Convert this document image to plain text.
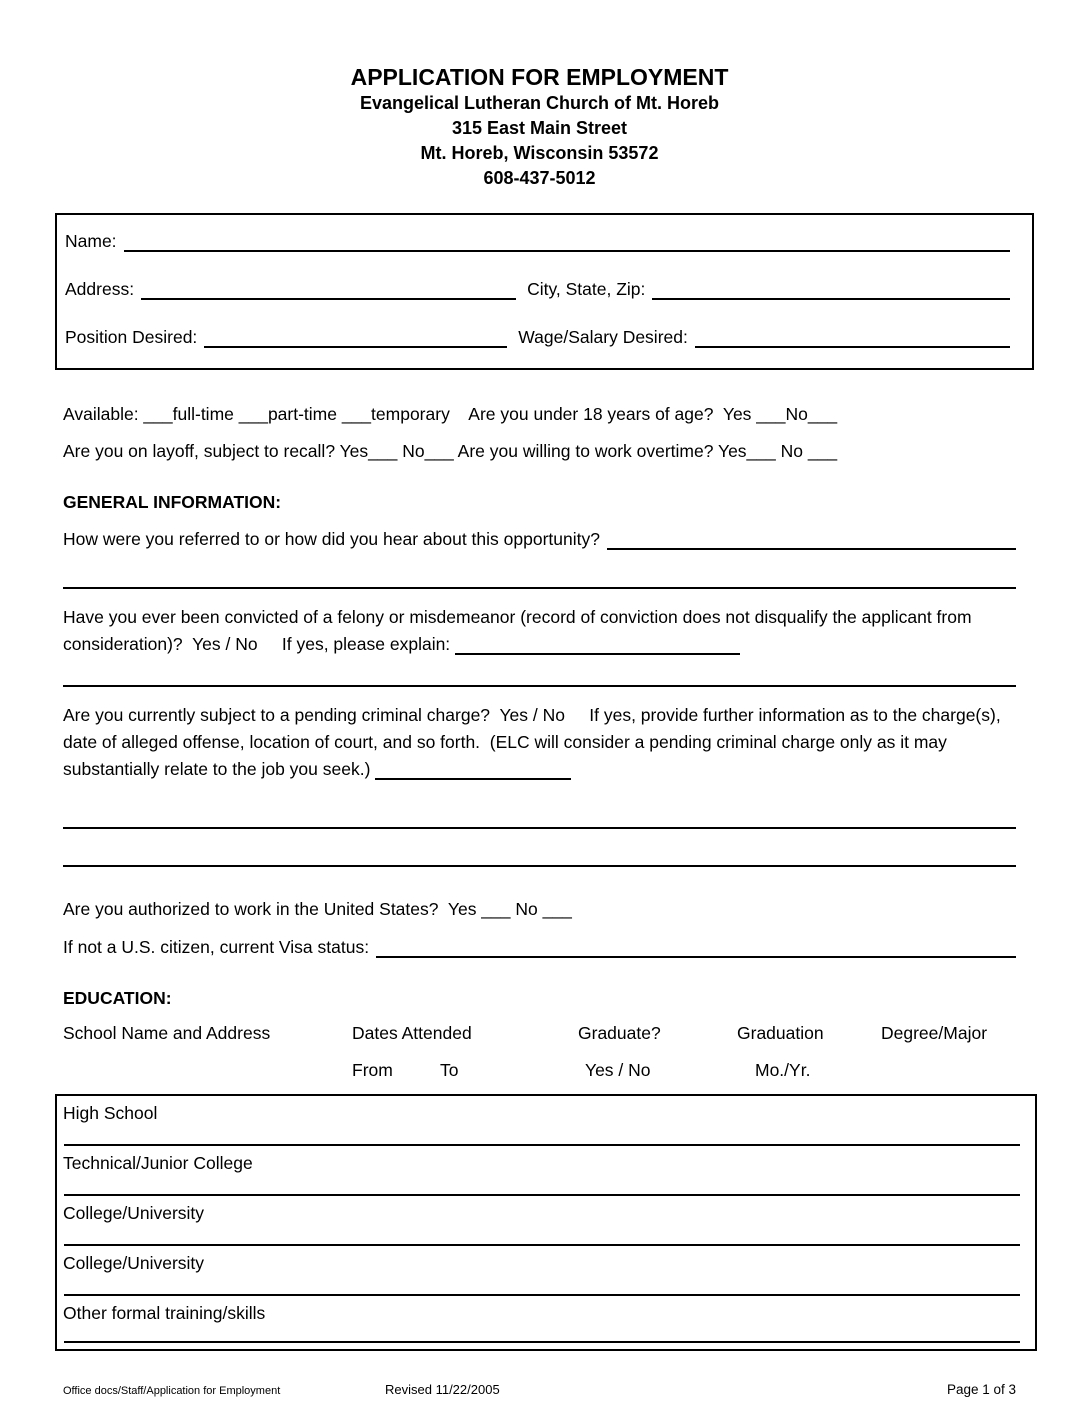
APPLICATION FOR EMPLOYMENT
Evangelical Lutheran Church of Mt. Horeb
315 East Main Street
Mt. Horeb, Wisconsin 53572
608-437-5012
Name:
Address:	City, State, Zip:
Position Desired:	Wage/Salary Desired:
Available: ___full-time ___part-time ___temporary    Are you under 18 years of age?  Yes ___No___
Are you on layoff, subject to recall? Yes___ No___ Are you willing to work overtime? Yes___ No ___
GENERAL INFORMATION:
How were you referred to or how did you hear about this opportunity?

Have you ever been convicted of a felony or misdemeanor (record of conviction does not disqualify the applicant from consideration)?  Yes / No     If yes, please explain:

Are you currently subject to a pending criminal charge?  Yes / No     If yes, provide further information as to the charge(s), date of alleged offense, location of court, and so forth.  (ELC will consider a pending criminal charge only as it may substantially relate to the job you seek.)

Are you authorized to work in the United States?  Yes ___ No ___
If not a U.S. citizen, current Visa status:
EDUCATION:
School Name and Address	Dates Attended	Graduate?	Graduation	Degree/Major
From	To	Yes / No	Mo./Yr.
High School
Technical/Junior College
College/University
College/University
Other formal training/skills
Office docs/Staff/Application for Employment	Revised 11/22/2005	Page 1 of 3
